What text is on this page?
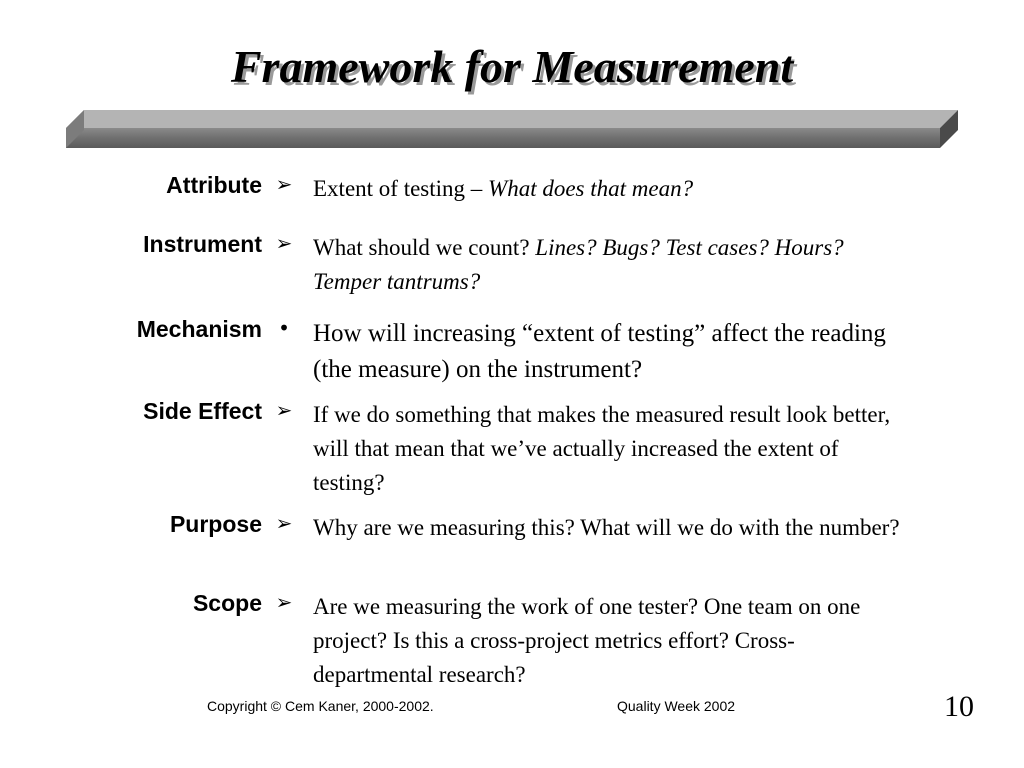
Framework for Measurement
Attribute ➢ Extent of testing – What does that mean?
Instrument ➢ What should we count? Lines? Bugs? Test cases? Hours? Temper tantrums?
Mechanism • How will increasing “extent of testing” affect the reading (the measure) on the instrument?
Side Effect ➢ If we do something that makes the measured result look better, will that mean that we’ve actually increased the extent of testing?
Purpose ➢ Why are we measuring this? What will we do with the number?
Scope ➢ Are we measuring the work of one tester? One team on one project? Is this a cross-project metrics effort? Cross-departmental research?
Copyright © Cem Kaner, 2000-2002.	Quality Week 2002	10
